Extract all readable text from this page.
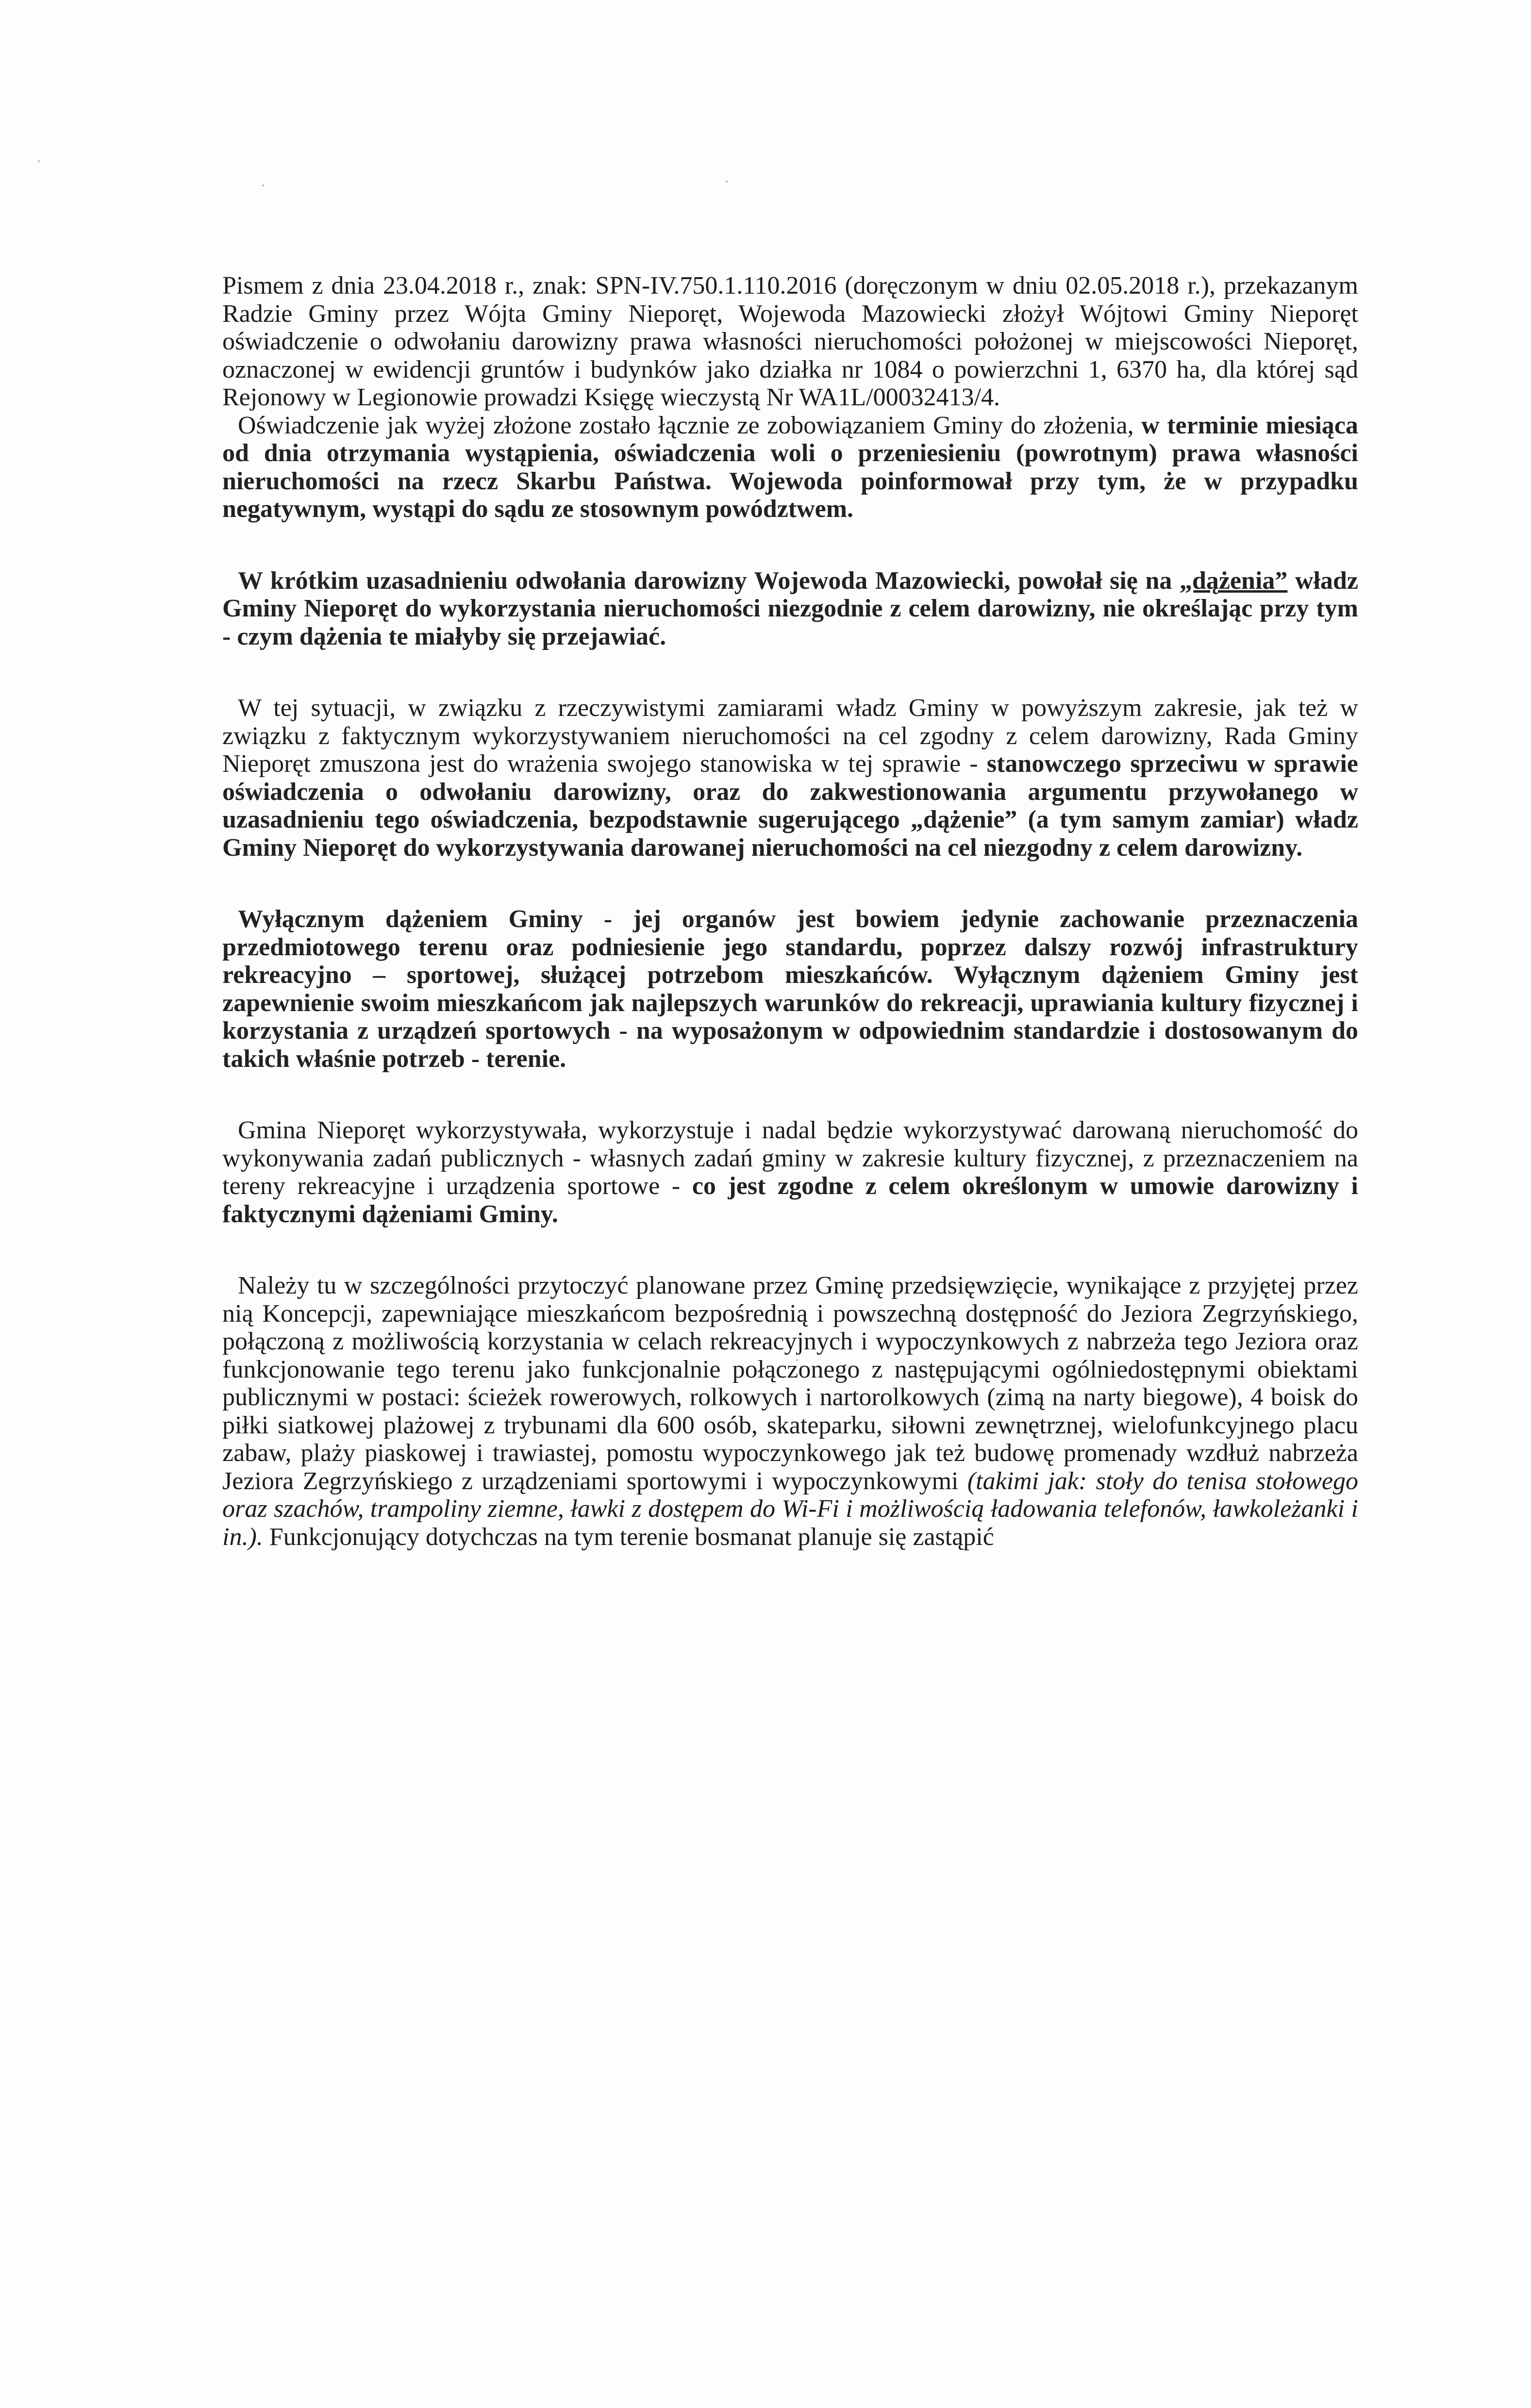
Pismem z dnia 23.04.2018 r., znak: SPN-IV.750.1.110.2016 (doręczonym w dniu 02.05.2018 r.), przekazanym Radzie Gminy przez Wójta Gminy Nieporęt, Wojewoda Mazowiecki złożył Wójtowi Gminy Nieporęt oświadczenie o odwołaniu darowizny prawa własności nieruchomości położonej w miejscowości Nieporęt, oznaczonej w ewidencji gruntów i budynków jako działka nr 1084 o powierzchni 1, 6370 ha, dla której sąd Rejonowy w Legionowie prowadzi Księgę wieczystą Nr WA1L/00032413/4.

Oświadczenie jak wyżej złożone zostało łącznie ze zobowiązaniem Gminy do złożenia, w terminie miesiąca od dnia otrzymania wystąpienia, oświadczenia woli o przeniesieniu (powrotnym) prawa własności nieruchomości na rzecz Skarbu Państwa. Wojewoda poinformował przy tym, że w przypadku negatywnym, wystąpi do sądu ze stosownym powództwem.

W krótkim uzasadnieniu odwołania darowizny Wojewoda Mazowiecki, powołał się na „dążenia” władz Gminy Nieporęt do wykorzystania nieruchomości niezgodnie z celem darowizny, nie określając przy tym - czym dążenia te miałyby się przejawiać.

W tej sytuacji, w związku z rzeczywistymi zamiarami władz Gminy w powyższym zakresie, jak też w związku z faktycznym wykorzystywaniem nieruchomości na cel zgodny z celem darowizny, Rada Gminy Nieporęt zmuszona jest do wrażenia swojego stanowiska w tej sprawie - stanowczego sprzeciwu w sprawie oświadczenia o odwołaniu darowizny, oraz do zakwestionowania argumentu przywołanego w uzasadnieniu tego oświadczenia, bezpodstawnie sugerującego „dążenie” (a tym samym zamiar) władz Gminy Nieporęt do wykorzystywania darowanej nieruchomości na cel niezgodny z celem darowizny.

Wyłącznym dążeniem Gminy - jej organów jest bowiem jedynie zachowanie przeznaczenia przedmiotowego terenu oraz podniesienie jego standardu, poprzez dalszy rozwój infrastruktury rekreacyjno – sportowej, służącej potrzebom mieszkańców. Wyłącznym dążeniem Gminy jest zapewnienie swoim mieszkańcom jak najlepszych warunków do rekreacji, uprawiania kultury fizycznej i korzystania z urządzeń sportowych - na wyposażonym w odpowiednim standardzie i dostosowanym do takich właśnie potrzeb - terenie.

Gmina Nieporęt wykorzystywała, wykorzystuje i nadal będzie wykorzystywać darowaną nieruchomość do wykonywania zadań publicznych - własnych zadań gminy w zakresie kultury fizycznej, z przeznaczeniem na tereny rekreacyjne i urządzenia sportowe - co jest zgodne z celem określonym w umowie darowizny i faktycznymi dążeniami Gminy.

Należy tu w szczególności przytoczyć planowane przez Gminę przedsięwzięcie, wynikające z przyjętej przez nią Koncepcji, zapewniające mieszkańcom bezpośrednią i powszechną dostępność do Jeziora Zegrzyńskiego, połączoną z możliwością korzystania w celach rekreacyjnych i wypoczynkowych z nabrzeża tego Jeziora oraz funkcjonowanie tego terenu jako funkcjonalnie połączonego z następującymi ogólniedostępnymi obiektami publicznymi w postaci: ścieżek rowerowych, rolkowych i nartorolkowych (zimą na narty biegowe), 4 boisk do piłki siatkowej plażowej z trybunami dla 600 osób, skateparku, siłowni zewnętrznej, wielofunkcyjnego placu zabaw, plaży piaskowej i trawiastej, pomostu wypoczynkowego jak też budowę promenady wzdłuż nabrzeża Jeziora Zegrzyńskiego z urządzeniami sportowymi i wypoczynkowymi (takimi jak: stoły do tenisa stołowego oraz szachów, trampoliny ziemne, ławki z dostępem do Wi-Fi i możliwością ładowania telefonów, ławkoleżanki i in.). Funkcjonujący dotychczas na tym terenie bosmanat planuje się zastąpić
